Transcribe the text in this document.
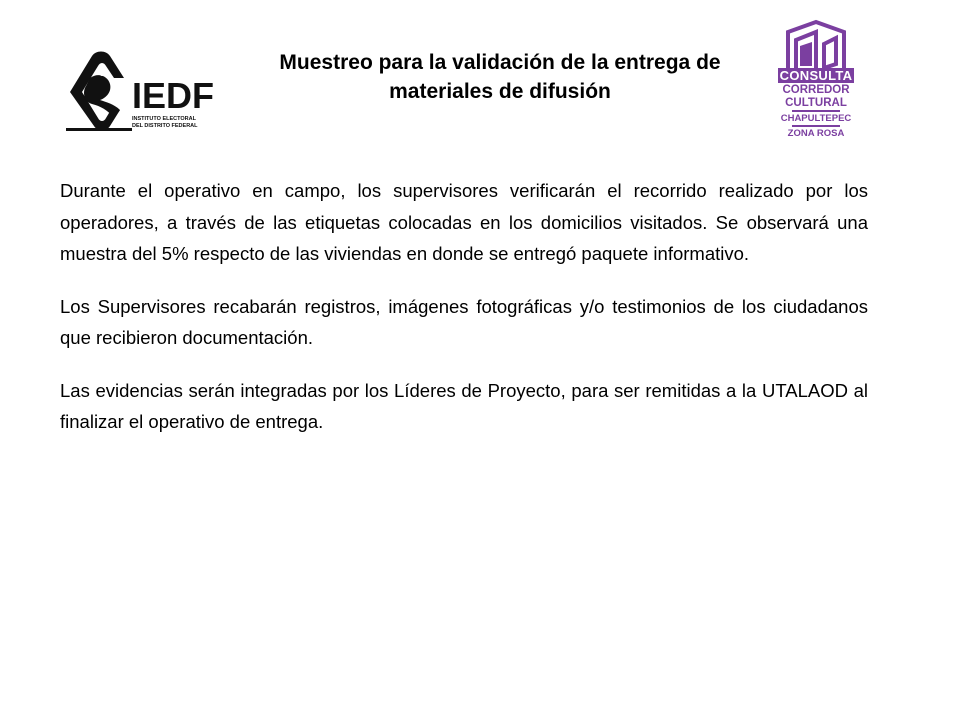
IEDF
INSTITUTO ELECTORAL
DEL DISTRITO FEDERAL
Muestreo para la validación de la entrega de
materiales de difusión
CONSULTA
CORREDOR
CULTURAL
CHAPULTEPEC
ZONA ROSA

Durante el operativo en campo, los supervisores verificarán el recorrido realizado por los operadores, a través de las etiquetas colocadas en los domicilios visitados. Se observará una muestra del 5% respecto de las viviendas en donde se entregó paquete informativo.

Los Supervisores recabarán registros, imágenes fotográficas y/o testimonios de los ciudadanos que recibieron documentación.

Las evidencias serán integradas por los Líderes de Proyecto, para ser remitidas a la UTALAOD al finalizar el operativo de entrega.
